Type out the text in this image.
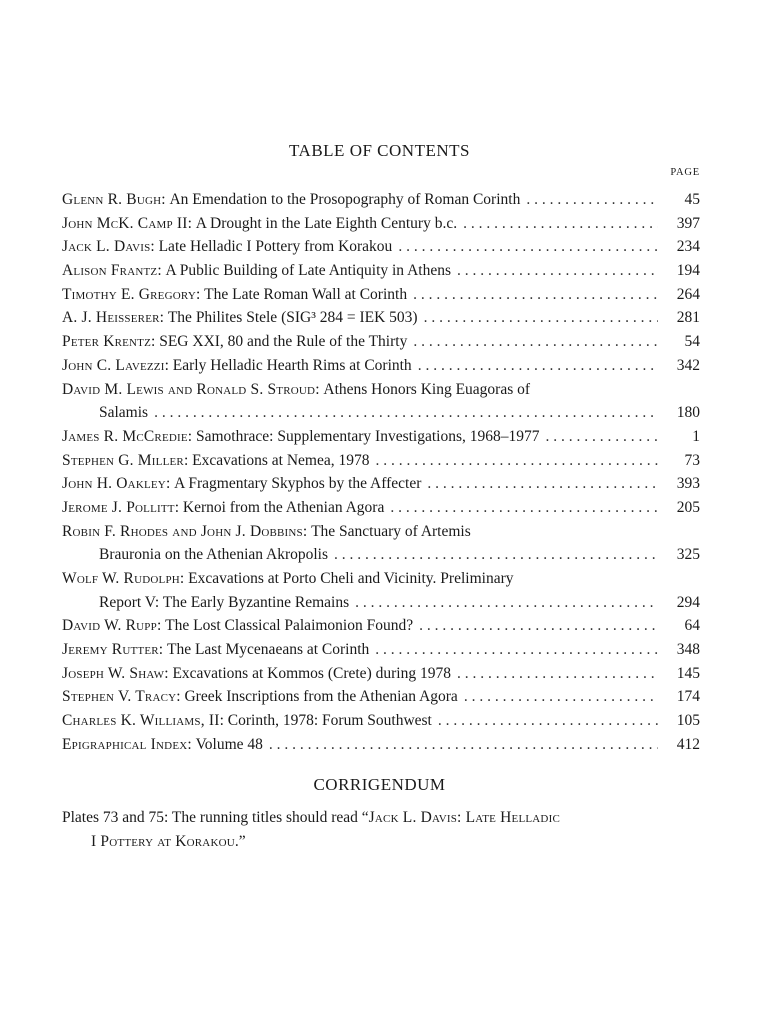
TABLE OF CONTENTS
PAGE
Glenn R. Bugh : An Emendation to the Prosopography of Roman Corinth . . .	45
John McK. Camp II : A Drought in the Late Eighth Century b.c. . . .	397
Jack L. Davis : Late Helladic I Pottery from Korakou . . .	234
Alison Frantz : A Public Building of Late Antiquity in Athens . . .	194
Timothy E. Gregory : The Late Roman Wall at Corinth . . .	264
A. J. Heisserer : The Philites Stele (SIG³ 284 = IEK 503) . . .	281
Peter Krentz : SEG XXI, 80 and the Rule of the Thirty . . .	54
John C. Lavezzi : Early Helladic Hearth Rims at Corinth . . .	342
David M. Lewis and Ronald S. Stroud : Athens Honors King Euagoras of
Salamis . . .	180
James R. McCredie : Samothrace: Supplementary Investigations, 1968–1977 . . .	1
Stephen G. Miller : Excavations at Nemea, 1978 . . .	73
John H. Oakley : A Fragmentary Skyphos by the Affecter . . .	393
Jerome J. Pollitt : Kernoi from the Athenian Agora . . .	205
Robin F. Rhodes and John J. Dobbins : The Sanctuary of Artemis
Brauronia on the Athenian Akropolis . . .	325
Wolf W. Rudolph : Excavations at Porto Cheli and Vicinity. Preliminary
Report V: The Early Byzantine Remains . . .	294
David W. Rupp : The Lost Classical Palaimonion Found? . . .	64
Jeremy Rutter : The Last Mycenaeans at Corinth . . .	348
Joseph W. Shaw : Excavations at Kommos (Crete) during 1978 . . .	145
Stephen V. Tracy : Greek Inscriptions from the Athenian Agora . . .	174
Charles K. Williams, II : Corinth, 1978: Forum Southwest . . .	105
Epigraphical Index : Volume 48 . . .	412
CORRIGENDUM
Plates 73 and 75: The running titles should read “Jack L. Davis: Late Helladic
I Pottery at Korakou.”
